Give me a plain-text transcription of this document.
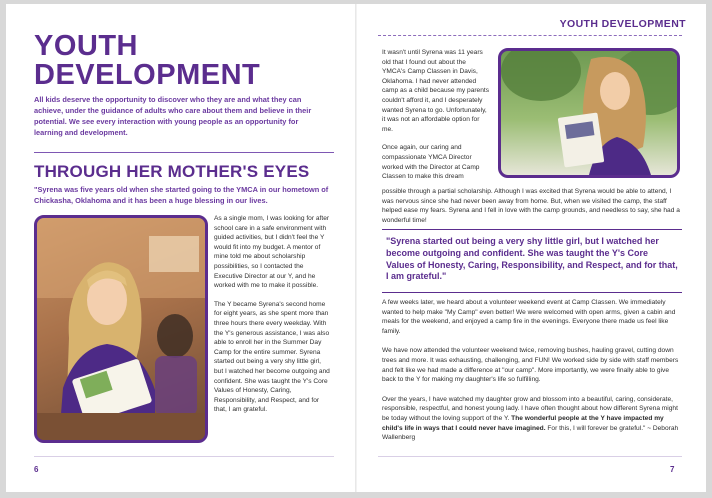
YOUTH
DEVELOPMENT
All kids deserve the opportunity to discover who they are and what they can achieve, under the guidance of adults who care about them and believe in their potential. We see every interaction with young people as an opportunity for learning and development.
THROUGH HER MOTHER'S EYES
"Syrena was five years old when she started going to the YMCA in our hometown of Chickasha, Oklahoma and it has been a huge blessing in our lives.

As a single mom, I was looking for after school care in a safe environment with guided activities, but I didn't feel the Y would fit into my budget. A mentor of mine told me about scholarship possibilities, so I contacted the Executive Director at our Y, and he worked with me to make it possible.

The Y became Syrena's second home for eight years, as she spent more than three hours there every weekday. With the Y's generous assistance, I was also able to enroll her in the Summer Day Camp for the entire summer. Syrena started out being a very shy little girl, but I watched her become outgoing and confident. She was taught the Y's Core Values of Honesty, Caring, Responsibility, and Respect, and for that, I am grateful.

6
YOUTH DEVELOPMENT

It wasn't until Syrena was 11 years old that I found out about the YMCA's Camp Classen in Davis, Oklahoma. I had never attended camp as a child because my parents couldn't afford it, and I desperately wanted Syrena to go. Unfortunately, it was not an affordable option for me.

Once again, our caring and compassionate YMCA Director worked with the Director at Camp Classen to make this dream

possible through a partial scholarship. Although I was excited that Syrena would be able to attend, I was nervous since she had never been away from home. But, when we visited the camp, the staff helped ease my fears. Syrena and I fell in love with the camp grounds, and needless to say, she had a wonderful time!
"Syrena started out being a very shy little girl, but I watched her become outgoing and confident. She was taught the Y's Core Values of Honesty, Caring, Responsibility, and Respect, and for that, I am grateful."

A few weeks later, we heard about a volunteer weekend event at Camp Classen. We immediately wanted to help make "My Camp" even better! We were welcomed with open arms, given a cabin and meals for the weekend, and enjoyed a camp fire in the evenings. Everyone there made us feel like family.

We have now attended the volunteer weekend twice, removing bushes, hauling gravel, cutting down trees and more. It was exhausting, challenging, and FUN! We worked side by side with staff members and felt like we had made a difference at "our camp". More importantly, we were finally able to give back to the Y for making my daughter's life so fulfilling.

Over the years, I have watched my daughter grow and blossom into a beautiful, caring, considerate, responsible, respectful, and honest young lady. I have often thought about how different Syrena might be today without the loving support of the Y. The wonderful people at the Y have impacted my child's life in ways that I could never have imagined. For this, I will forever be grateful." ~ Deborah Wallenberg

7
